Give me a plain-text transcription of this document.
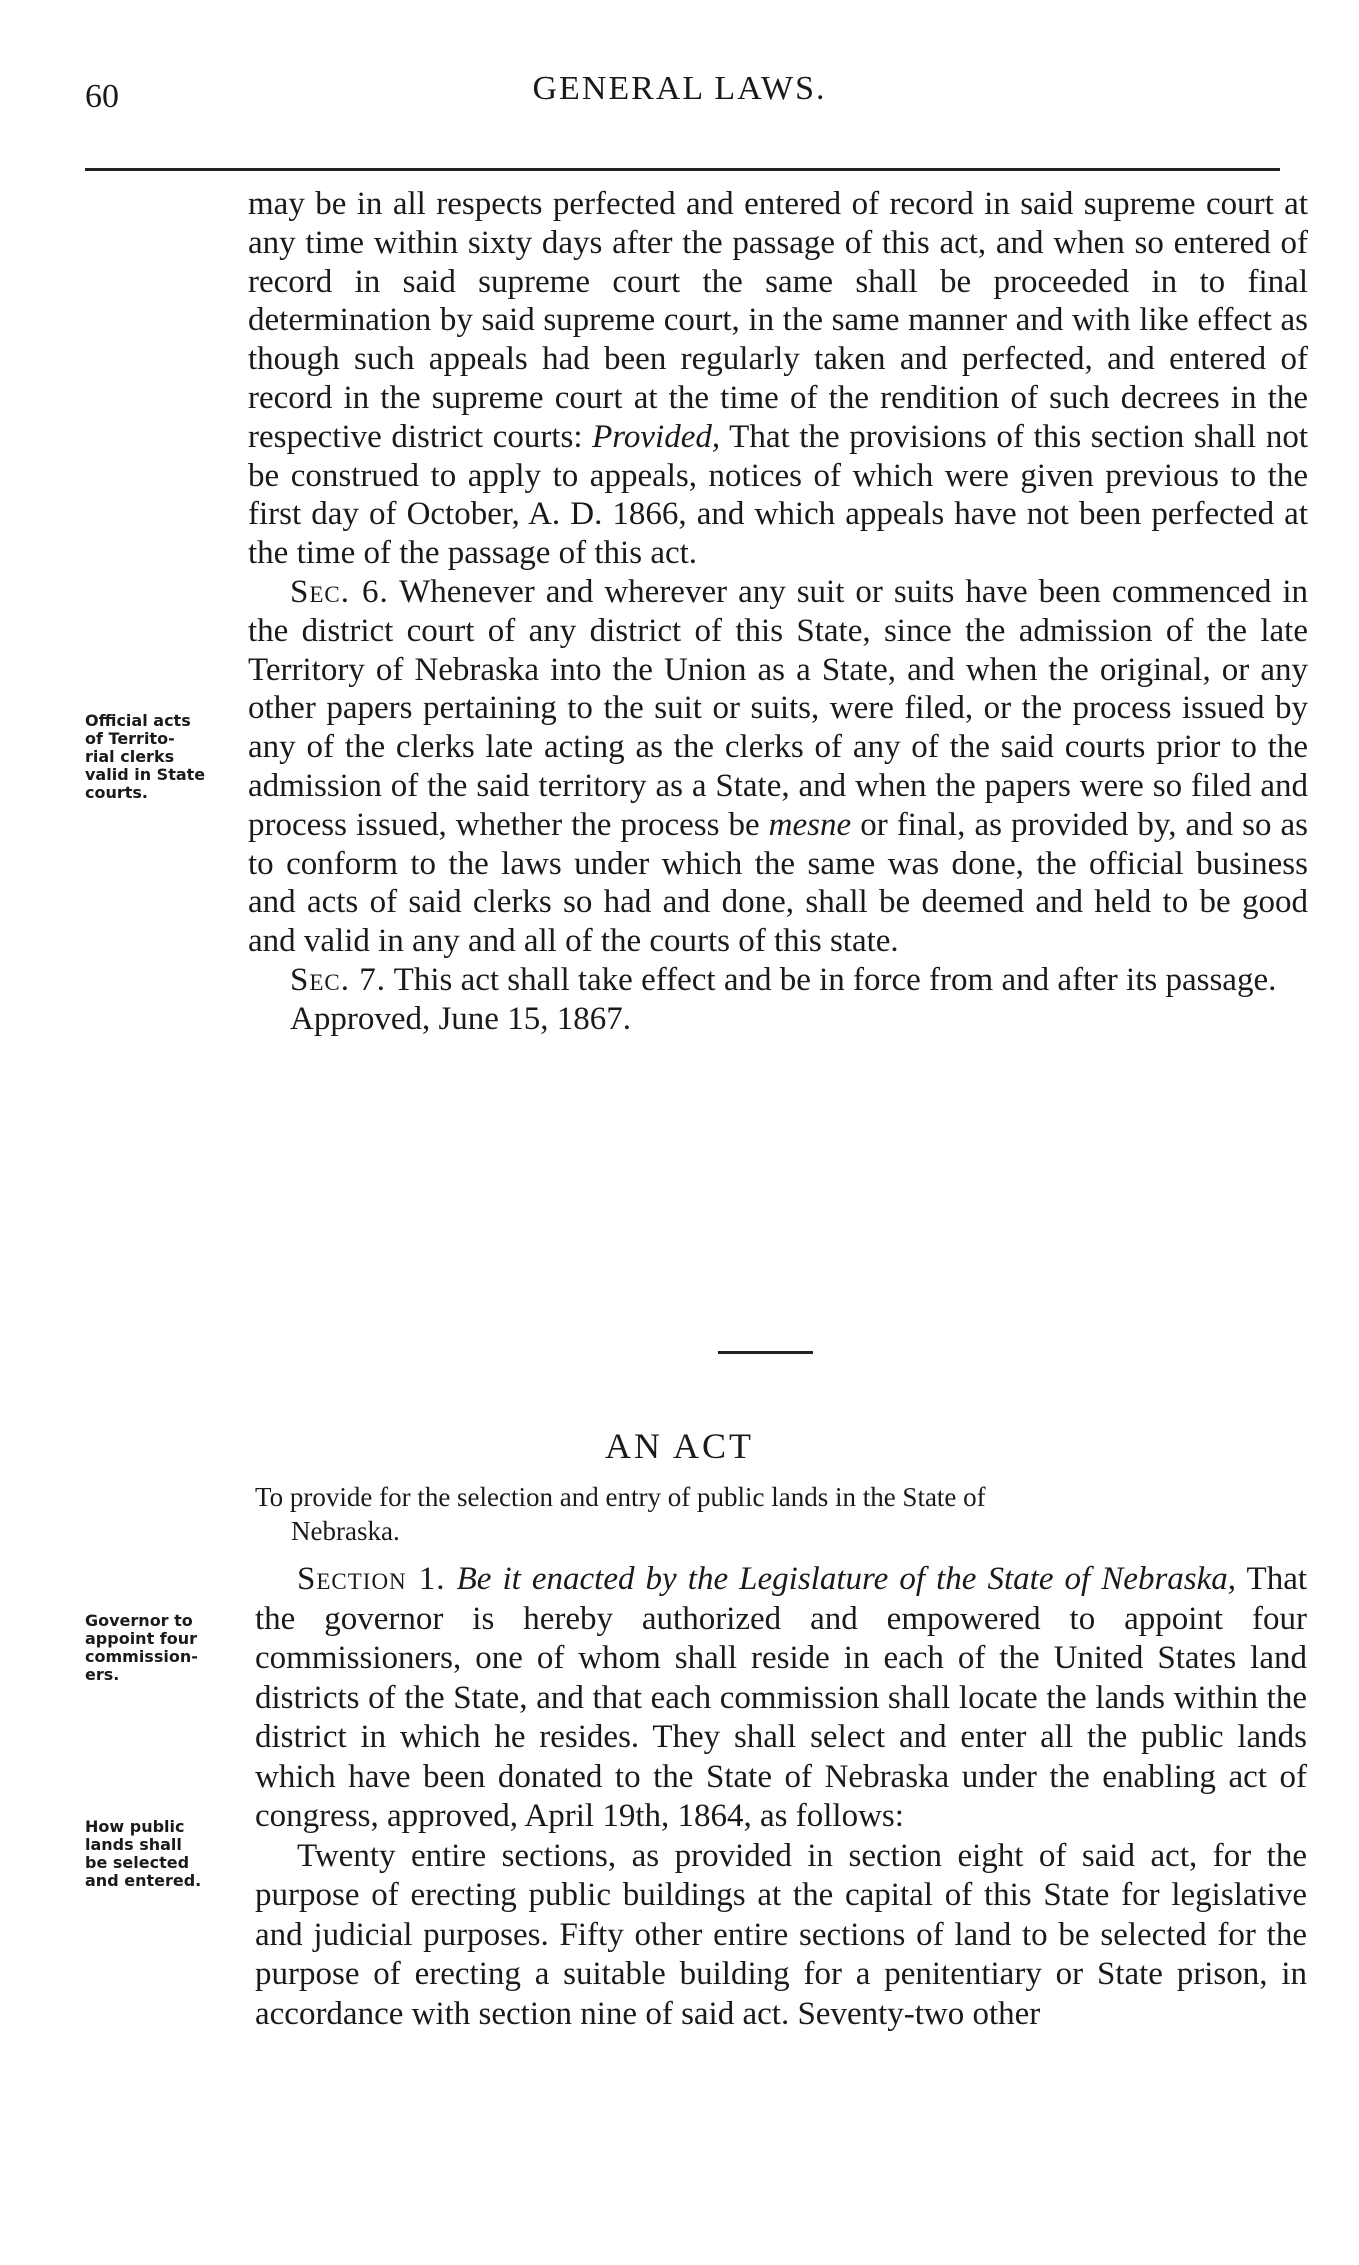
60	GENERAL LAWS.

may be in all respects perfected and entered of record in said supreme court at any time within sixty days after the passage of this act, and when so entered of record in said supreme court the same shall be proceeded in to final determination by said supreme court, in the same manner and with like effect as though such appeals had been regularly taken and perfected, and entered of record in the supreme court at the time of the rendition of such decrees in the respective district courts: Provided, That the provisions of this section shall not be construed to apply to appeals, notices of which were given previous to the first day of October, A. D. 1866, and which appeals have not been perfected at the time of the passage of this act.

Sec. 6. Whenever and wherever any suit or suits have been commenced in the district court of any district of this State, since the admission of the late Territory of Nebraska into the Union as a State, and when the original, or any other papers pertaining to the suit or suits, were filed, or the process issued by any of the clerks late acting as the clerks of any of the said courts prior to the admission of the said territory as a State, and when the papers were so filed and process issued, whether the process be mesne or final, as provided by, and so as to conform to the laws under which the same was done, the official business and acts of said clerks so had and done, shall be deemed and held to be good and valid in any and all of the courts of this state.

Sec. 7. This act shall take effect and be in force from and after its passage.

Approved, June 15, 1867.

Official acts
of Territo-
rial clerks
valid in State
courts.
AN ACT
To provide for the selection and entry of public lands in the State of
Nebraska.
Governor to
appoint four
commission-
ers.
How public
lands shall
be selected
and entered.

Section 1. Be it enacted by the Legislature of the State of Nebraska, That the governor is hereby authorized and empowered to appoint four commissioners, one of whom shall reside in each of the United States land districts of the State, and that each commission shall locate the lands within the district in which he resides. They shall select and enter all the public lands which have been donated to the State of Nebraska under the enabling act of congress, approved, April 19th, 1864, as follows:

Twenty entire sections, as provided in section eight of said act, for the purpose of erecting public buildings at the capital of this State for legislative and judicial purposes. Fifty other entire sections of land to be selected for the purpose of erecting a suitable building for a penitentiary or State prison, in accordance with section nine of said act. Seventy-two other
